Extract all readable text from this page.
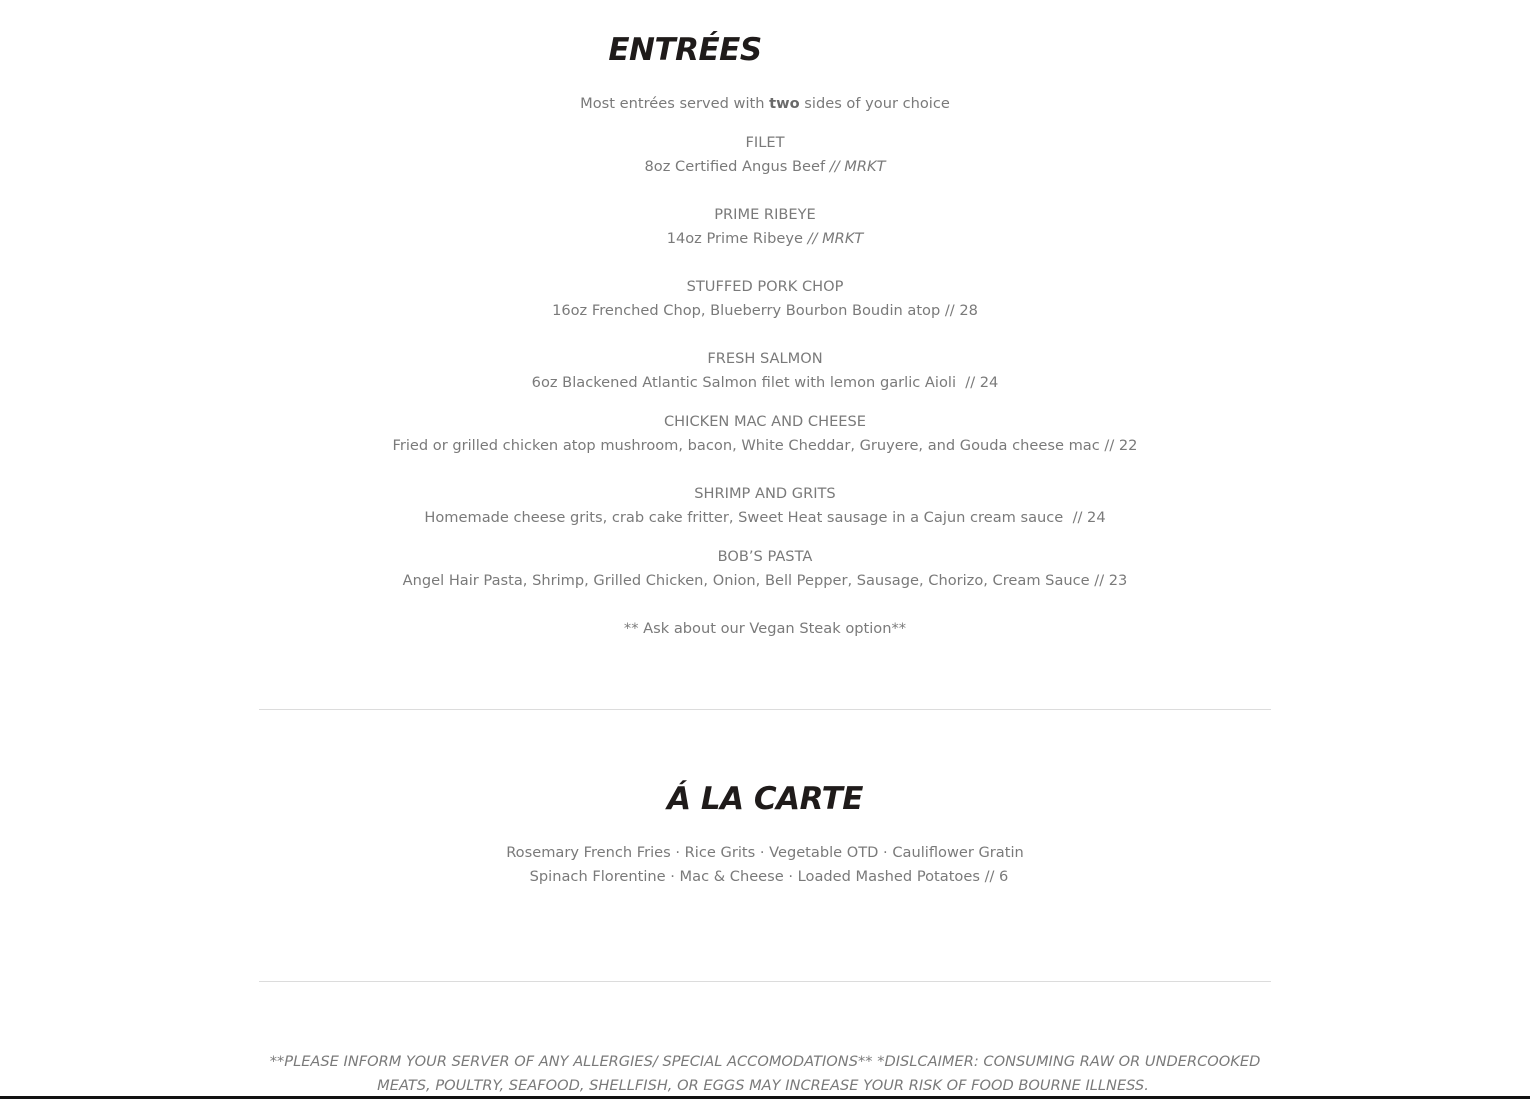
ENTRÉES
Most entrées served with two sides of your choice
FILET
8oz Certified Angus Beef // MRKT
PRIME RIBEYE
14oz Prime Ribeye // MRKT
STUFFED PORK CHOP
16oz Frenched Chop, Blueberry Bourbon Boudin atop // 28
FRESH SALMON
6oz Blackened Atlantic Salmon filet with lemon garlic Aioli  // 24
CHICKEN MAC AND CHEESE
Fried or grilled chicken atop mushroom, bacon, White Cheddar, Gruyere, and Gouda cheese mac // 22
SHRIMP AND GRITS
Homemade cheese grits, crab cake fritter, Sweet Heat sausage in a Cajun cream sauce  // 24
BOB’S PASTA
Angel Hair Pasta, Shrimp, Grilled Chicken, Onion, Bell Pepper, Sausage, Chorizo, Cream Sauce // 23
** Ask about our Vegan Steak option**
Á LA CARTE
Rosemary French Fries · Rice Grits · Vegetable OTD · Cauliflower Gratin
Spinach Florentine · Mac & Cheese · Loaded Mashed Potatoes // 6
**PLEASE INFORM YOUR SERVER OF ANY ALLERGIES/ SPECIAL ACCOMODATIONS** *DISLCAIMER: CONSUMING RAW OR UNDERCOOKED
MEATS, POULTRY, SEAFOOD, SHELLFISH, OR EGGS MAY INCREASE YOUR RISK OF FOOD BOURNE ILLNESS.
